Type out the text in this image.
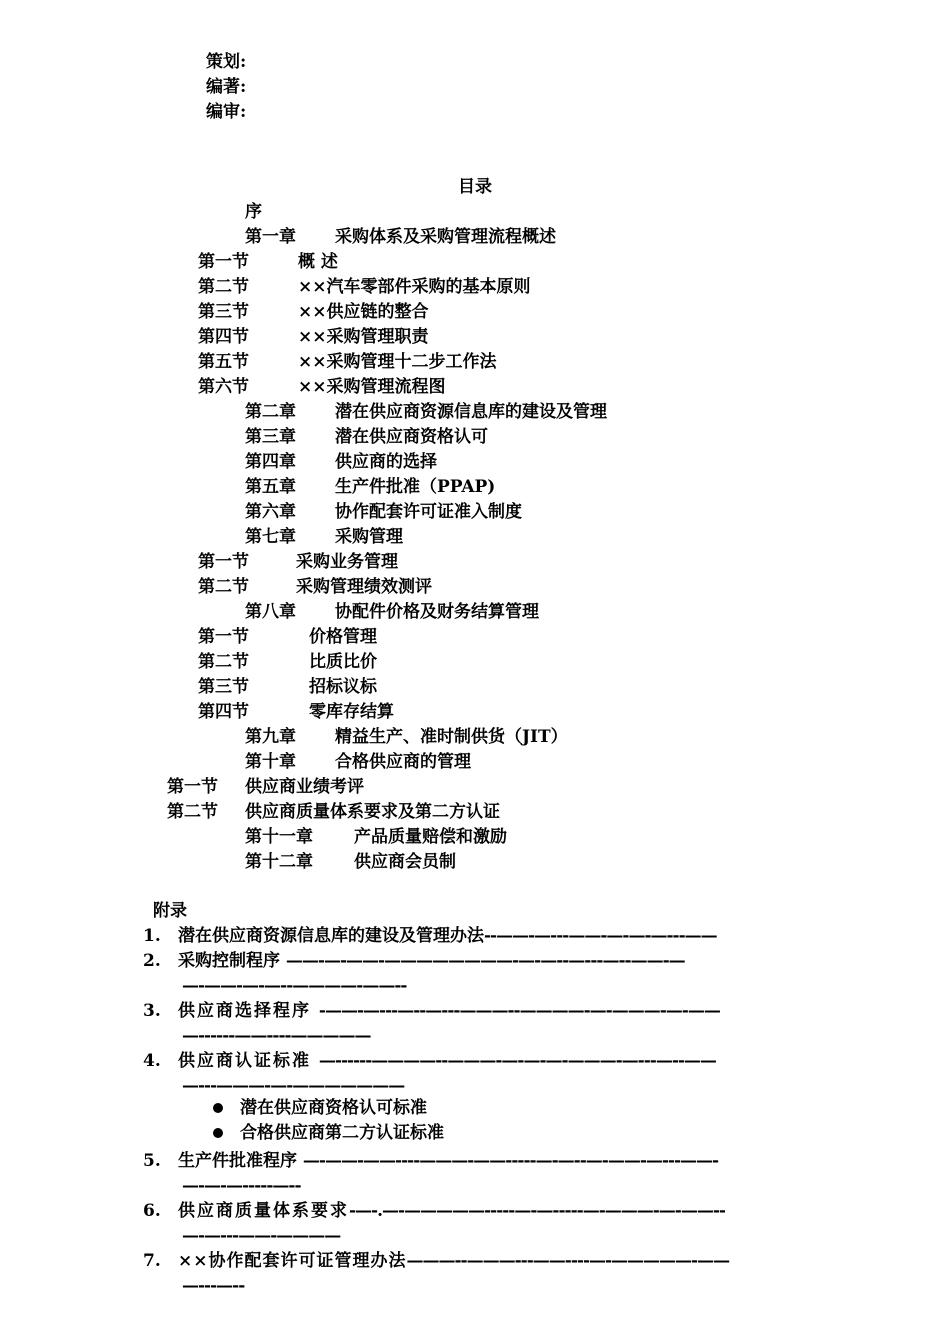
策划:
编著:
编审:
目录
序
第一章 采购体系及采购管理流程概述
第一节	概 述
第二节	××汽车零部件采购的基本原则
第三节	××供应链的整合
第四节	××采购管理职责
第五节	××采购管理十二步工作法
第六节	××采购管理流程图
第二章 潜在供应商资源信息库的建设及管理
第三章 潜在供应商资格认可
第四章 供应商的选择
第五章 生产件批准（PPAP)
第六章 协作配套许可证准入制度
第七章 采购管理
第一节	采购业务管理
第二节	采购管理绩效测评
第八章 协配件价格及财务结算管理
第一节	价格管理
第二节	比质比价
第三节	招标议标
第四节	零库存结算
第九章 精益生产、准时制供货（JIT）
第十章 合格供应商的管理
第一节 供应商业绩考评
第二节 供应商质量体系要求及第二方认证
第十一章 产品质量赔偿和激励
第十二章 供应商会员制
附录
1. 潜在供应商资源信息库的建设及管理办法--——-—---——-—-—-—---——
2. 采购控制程序 ——-—-——-————————-—-—--—---—--——-—
—-——-—-—--————-——--
3. 供应商选择程序 -——-—---—--—---———--————-—-———-—-——
—------——----—————
4. 供应商认证标准 —------————--———-—-—-—-———-—---—--——
—---———-—-———————
潜在供应商资格认可标准
合格供应商第二方认证标准
5. 生产件批准程序 —-——-——----———-——-----—-—--—-——-—---——-
—-—-—-----—--
6. 供应商质量体系要求-—-.—-—————-----—-—-----—-———-—-——--
—-—---——-————
7. ××协作配套许可证管理办法———--———---——----—-—————-——
—---—--
